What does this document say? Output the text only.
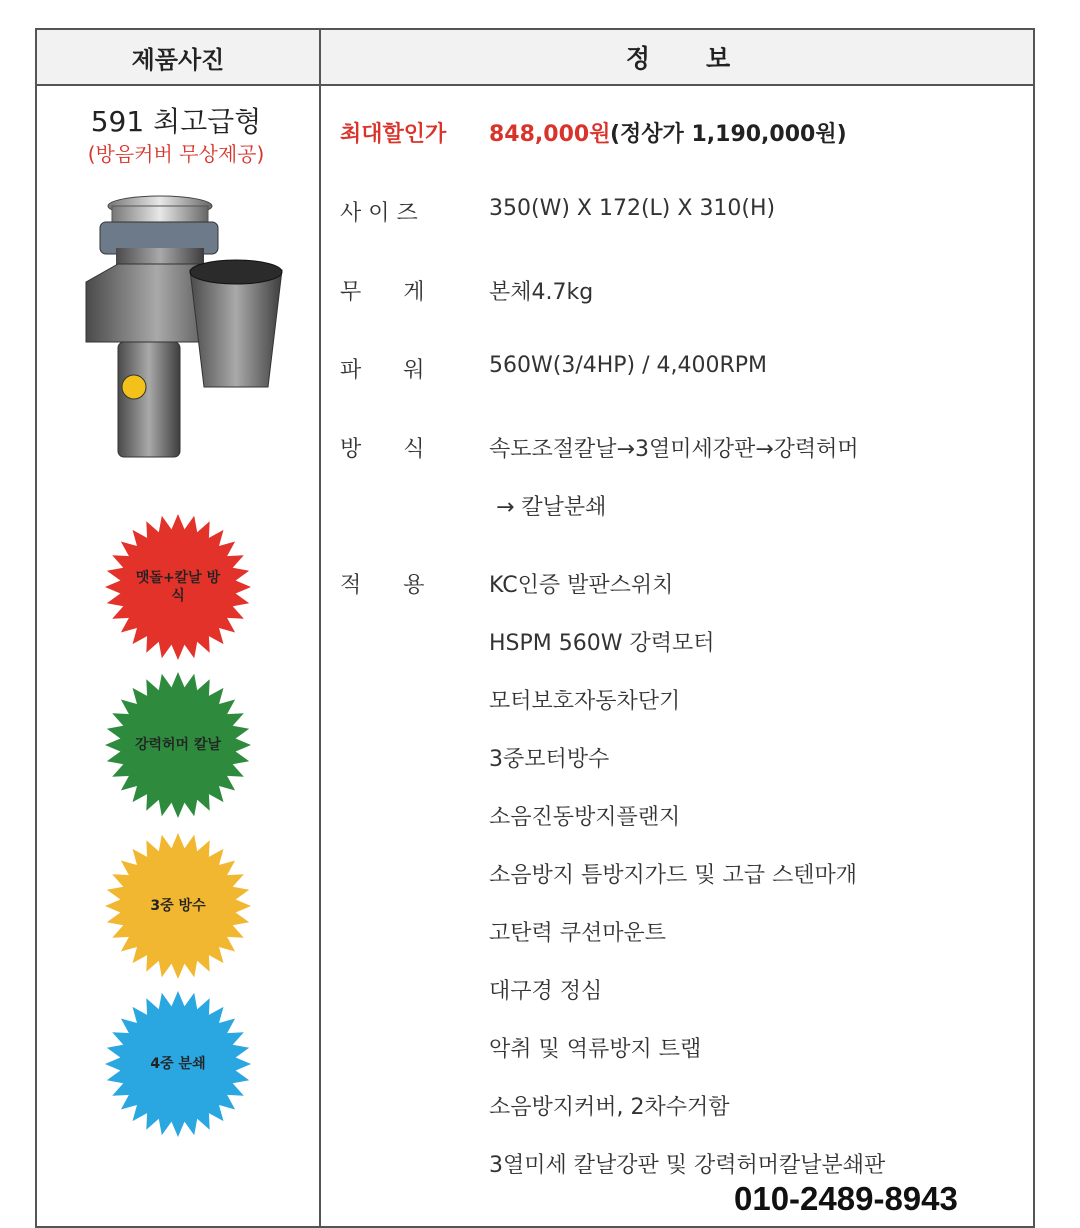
제품사진	정보
591 최고급형
(방음커버 무상제공)
맷돌+칼날 방식
강력허머 칼날
3중 방수
4중 분쇄
최대할인가 848,000원 (정상가 1,190,000원)
사 이 즈	350(W) X 172(L) X 310(H)
무      게	본체4.7kg
파      워	560W(3/4HP) / 4,400RPM
방      식	속도조절칼날→3열미세강판→강력허머
→ 칼날분쇄
적      용	KC인증 발판스위치
HSPM 560W 강력모터
모터보호자동차단기
3중모터방수
소음진동방지플랜지
소음방지 틈방지가드 및 고급 스텐마개
고탄력 쿠션마운트
대구경 정심
악취 및 역류방지 트랩
소음방지커버, 2차수거함
3열미세 칼날강판 및 강력허머칼날분쇄판
010-2489-8943
